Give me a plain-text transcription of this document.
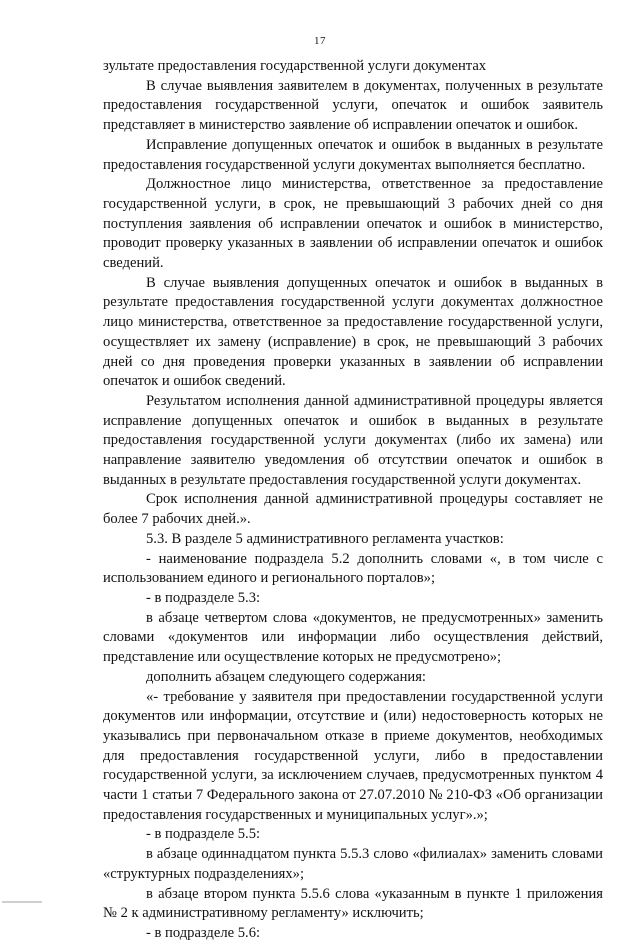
17

зультате предоставления государственной услуги документах

В случае выявления заявителем в документах, полученных в результате предоставления государственной услуги, опечаток и ошибок заявитель представляет в министерство заявление об исправлении опечаток и ошибок.

Исправление допущенных опечаток и ошибок в выданных в результате предоставления государственной услуги документах выполняется бесплатно.

Должностное лицо министерства, ответственное за предоставление государственной услуги, в срок, не превышающий 3 рабочих дней со дня поступления заявления об исправлении опечаток и ошибок в министерство, проводит проверку указанных в заявлении об исправлении опечаток и ошибок сведений.

В случае выявления допущенных опечаток и ошибок в выданных в результате предоставления государственной услуги документах должностное лицо министерства, ответственное за предоставление государственной услуги, осуществляет их замену (исправление) в срок, не превышающий 3 рабочих дней со дня проведения проверки указанных в заявлении об исправлении опечаток и ошибок сведений.

Результатом исполнения данной административной процедуры является исправление допущенных опечаток и ошибок в выданных в результате предоставления государственной услуги документах (либо их замена) или направление заявителю уведомления об отсутствии опечаток и ошибок в выданных в результате предоставления государственной услуги документах.

Срок исполнения данной административной процедуры составляет не более 7 рабочих дней.».

5.3. В разделе 5 административного регламента участков:

- наименование подраздела 5.2 дополнить словами «, в том числе с использованием единого и регионального порталов»;

- в подразделе 5.3:

в абзаце четвертом слова «документов, не предусмотренных» заменить словами «документов или информации либо осуществления действий, представление или осуществление которых не предусмотрено»;

дополнить абзацем следующего содержания:

«- требование у заявителя при предоставлении государственной услуги документов или информации, отсутствие и (или) недостоверность которых не указывались при первоначальном отказе в приеме документов, необходимых для предоставления государственной услуги, либо в предоставлении государственной услуги, за исключением случаев, предусмотренных пунктом 4 части 1 статьи 7 Федерального закона от 27.07.2010 № 210-ФЗ «Об организации предоставления государственных и муниципальных услуг».»;

- в подразделе 5.5:

в абзаце одиннадцатом пункта 5.5.3 слово «филиалах» заменить словами «структурных подразделениях»;

в абзаце втором пункта 5.5.6 слова «указанным в пункте 1 приложения № 2 к административному регламенту» исключить;

- в подразделе 5.6:
